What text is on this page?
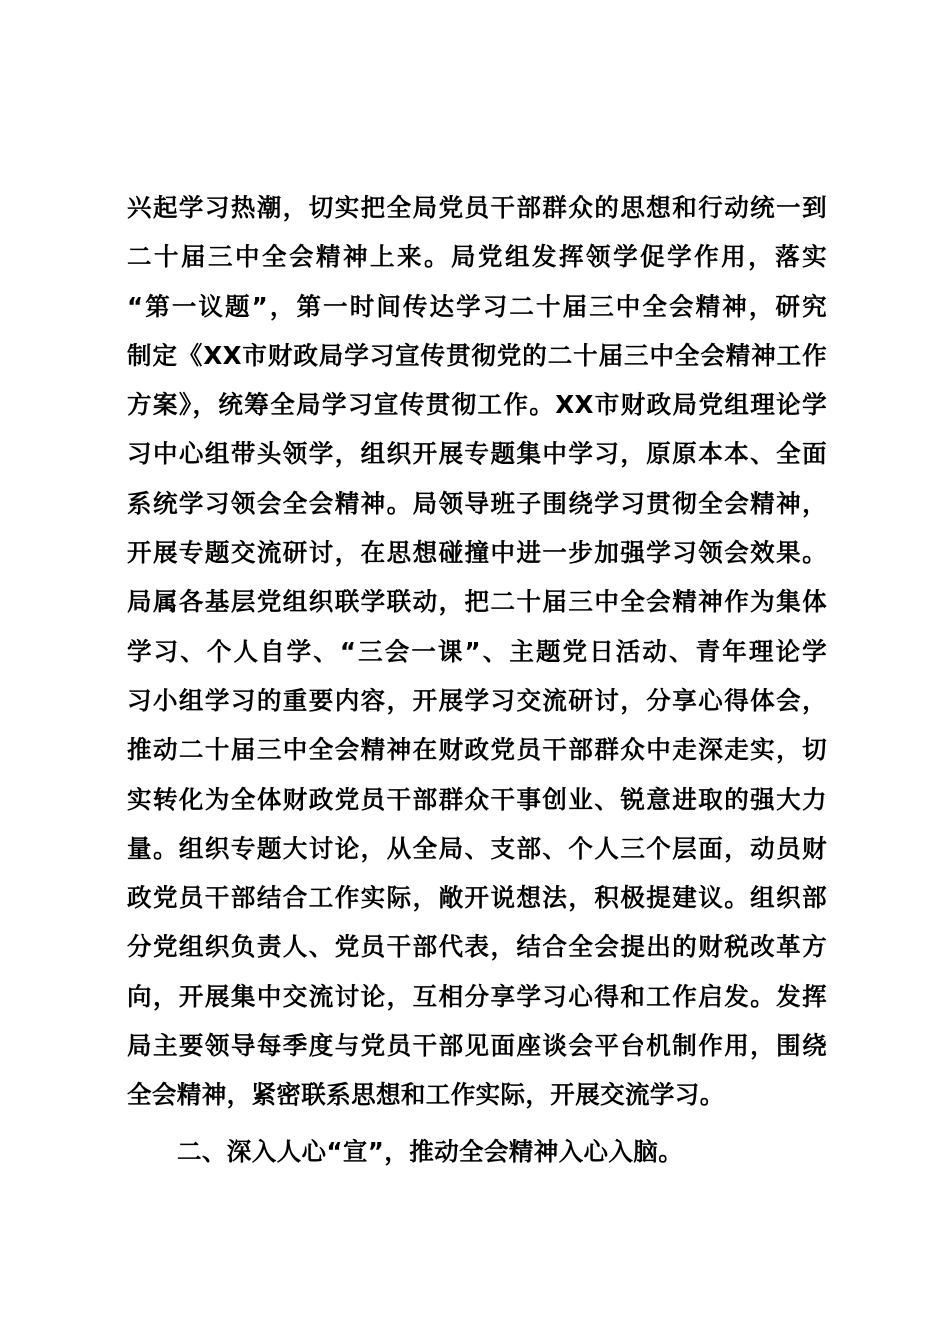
兴起学习热潮，切实把全局党员干部群众的思想和行动统一到
二十届三中全会精神上来。局党组发挥领学促学作用，落实
“第一议题”，第一时间传达学习二十届三中全会精神，研究
制定《XX市财政局学习宣传贯彻党的二十届三中全会精神工作
方案》，统筹全局学习宣传贯彻工作。XX市财政局党组理论学
习中心组带头领学，组织开展专题集中学习，原原本本、全面
系统学习领会全会精神。局领导班子围绕学习贯彻全会精神，
开展专题交流研讨，在思想碰撞中进一步加强学习领会效果。
局属各基层党组织联学联动，把二十届三中全会精神作为集体
学习、个人自学、“三会一课”、主题党日活动、青年理论学
习小组学习的重要内容，开展学习交流研讨，分享心得体会，
推动二十届三中全会精神在财政党员干部群众中走深走实，切
实转化为全体财政党员干部群众干事创业、锐意进取的强大力
量。组织专题大讨论，从全局、支部、个人三个层面，动员财
政党员干部结合工作实际，敞开说想法，积极提建议。组织部
分党组织负责人、党员干部代表，结合全会提出的财税改革方
向，开展集中交流讨论，互相分享学习心得和工作启发。发挥
局主要领导每季度与党员干部见面座谈会平台机制作用，围绕
全会精神，紧密联系思想和工作实际，开展交流学习。
二、深入人心“宣”，推动全会精神入心入脑。
